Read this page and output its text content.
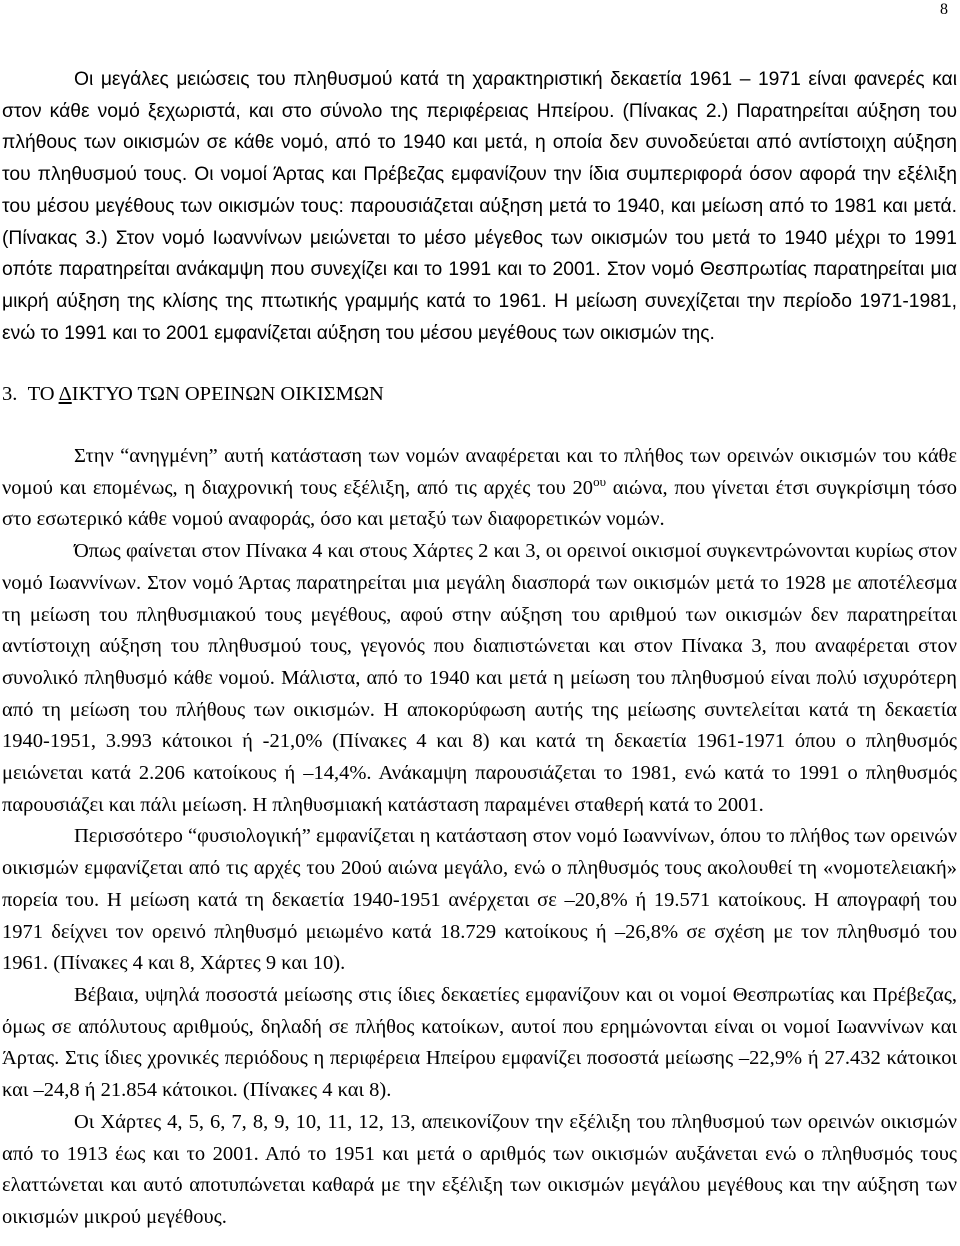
8

Οι μεγάλες μειώσεις του πληθυσμού κατά τη χαρακτηριστική δεκαετία 1961 – 1971 είναι φανερές και στον κάθε νομό ξεχωριστά, και στο σύνολο της περιφέρειας Ηπείρου. (Πίνακας 2.) Παρατηρείται αύξηση του πλήθους των οικισμών σε κάθε νομό, από το 1940 και μετά, η οποία δεν συνοδεύεται από αντίστοιχη αύξηση του πληθυσμού τους. Οι νομοί Άρτας και Πρέβεζας εμφανίζουν την ίδια συμπεριφορά όσον αφορά την εξέλιξη του μέσου μεγέθους των οικισμών τους: παρουσιάζεται αύξηση μετά το 1940, και μείωση από το 1981 και μετά. (Πίνακας 3.) Στον νομό Ιωαννίνων μειώνεται το μέσο μέγεθος των οικισμών του μετά το 1940 μέχρι το 1991 οπότε παρατηρείται ανάκαμψη που συνεχίζει και το 1991 και το 2001. Στον νομό Θεσπρωτίας παρατηρείται μια μικρή αύξηση της κλίσης της πτωτικής γραμμής κατά το 1961. Η μείωση συνεχίζεται την περίοδο 1971-1981, ενώ το 1991 και το 2001 εμφανίζεται αύξηση του μέσου μεγέθους των οικισμών της.

3. ΤΟ ΔΙΚΤΥΟ ΤΩΝ ΟΡΕΙΝΩΝ ΟΙΚΙΣΜΩΝ

Στην “ανηγμένη” αυτή κατάσταση των νομών αναφέρεται και το πλήθος των ορεινών οικισμών του κάθε νομού και επομένως, η διαχρονική τους εξέλιξη, από τις αρχές του $20^{o\upsilon}$ αιώνα, που γίνεται έτσι συγκρίσιμη τόσο στο εσωτερικό κάθε νομού αναφοράς, όσο και μεταξύ των διαφορετικών νομών.

Όπως φαίνεται στον Πίνακα 4 και στους Χάρτες 2 και 3, οι ορεινοί οικισμοί συγκεντρώνονται κυρίως στον νομό Ιωαννίνων. Στον νομό Άρτας παρατηρείται μια μεγάλη διασπορά των οικισμών μετά το 1928 με αποτέλεσμα τη μείωση του πληθυσμιακού τους μεγέθους, αφού στην αύξηση του αριθμού των οικισμών δεν παρατηρείται αντίστοιχη αύξηση του πληθυσμού τους, γεγονός που διαπιστώνεται και στον Πίνακα 3, που αναφέρεται στον συνολικό πληθυσμό κάθε νομού. Μάλιστα, από το 1940 και μετά η μείωση του πληθυσμού είναι πολύ ισχυρότερη από τη μείωση του πλήθους των οικισμών. Η αποκορύφωση αυτής της μείωσης συντελείται κατά τη δεκαετία 1940-1951, 3.993 κάτοικοι ή -21,0% (Πίνακες 4 και 8) και κατά τη δεκαετία 1961-1971 όπου ο πληθυσμός μειώνεται κατά 2.206 κατοίκους ή –14,4%. Ανάκαμψη παρουσιάζεται το 1981, ενώ κατά το 1991 ο πληθυσμός παρουσιάζει και πάλι μείωση. Η πληθυσμιακή κατάσταση παραμένει σταθερή κατά το 2001.

Περισσότερο “φυσιολογική” εμφανίζεται η κατάσταση στον νομό Ιωαννίνων, όπου το πλήθος των ορεινών οικισμών εμφανίζεται από τις αρχές του 20ού αιώνα μεγάλο, ενώ ο πληθυσμός τους ακολουθεί τη «νομοτελειακή» πορεία του. Η μείωση κατά τη δεκαετία 1940-1951 ανέρχεται σε –20,8% ή 19.571 κατοίκους. Η απογραφή του 1971 δείχνει τον ορεινό πληθυσμό μειωμένο κατά 18.729 κατοίκους ή –26,8% σε σχέση με τον πληθυσμό του 1961. (Πίνακες 4 και 8, Χάρτες 9 και 10).

Βέβαια, υψηλά ποσοστά μείωσης στις ίδιες δεκαετίες εμφανίζουν και οι νομοί Θεσπρωτίας και Πρέβεζας, όμως σε απόλυτους αριθμούς, δηλαδή σε πλήθος κατοίκων, αυτοί που ερημώνονται είναι οι νομοί Ιωαννίνων και Άρτας. Στις ίδιες χρονικές περιόδους η περιφέρεια Ηπείρου εμφανίζει ποσοστά μείωσης –22,9% ή 27.432 κάτοικοι και –24,8 ή 21.854 κάτοικοι. (Πίνακες 4 και 8).

Οι Χάρτες 4, 5, 6, 7, 8, 9, 10, 11, 12, 13, απεικονίζουν την εξέλιξη του πληθυσμού των ορεινών οικισμών από το 1913 έως και το 2001. Από το 1951 και μετά ο αριθμός των οικισμών αυξάνεται ενώ ο πληθυσμός τους ελαττώνεται και αυτό αποτυπώνεται καθαρά με την εξέλιξη των οικισμών μεγάλου μεγέθους και την αύξηση των οικισμών μικρού μεγέθους.
